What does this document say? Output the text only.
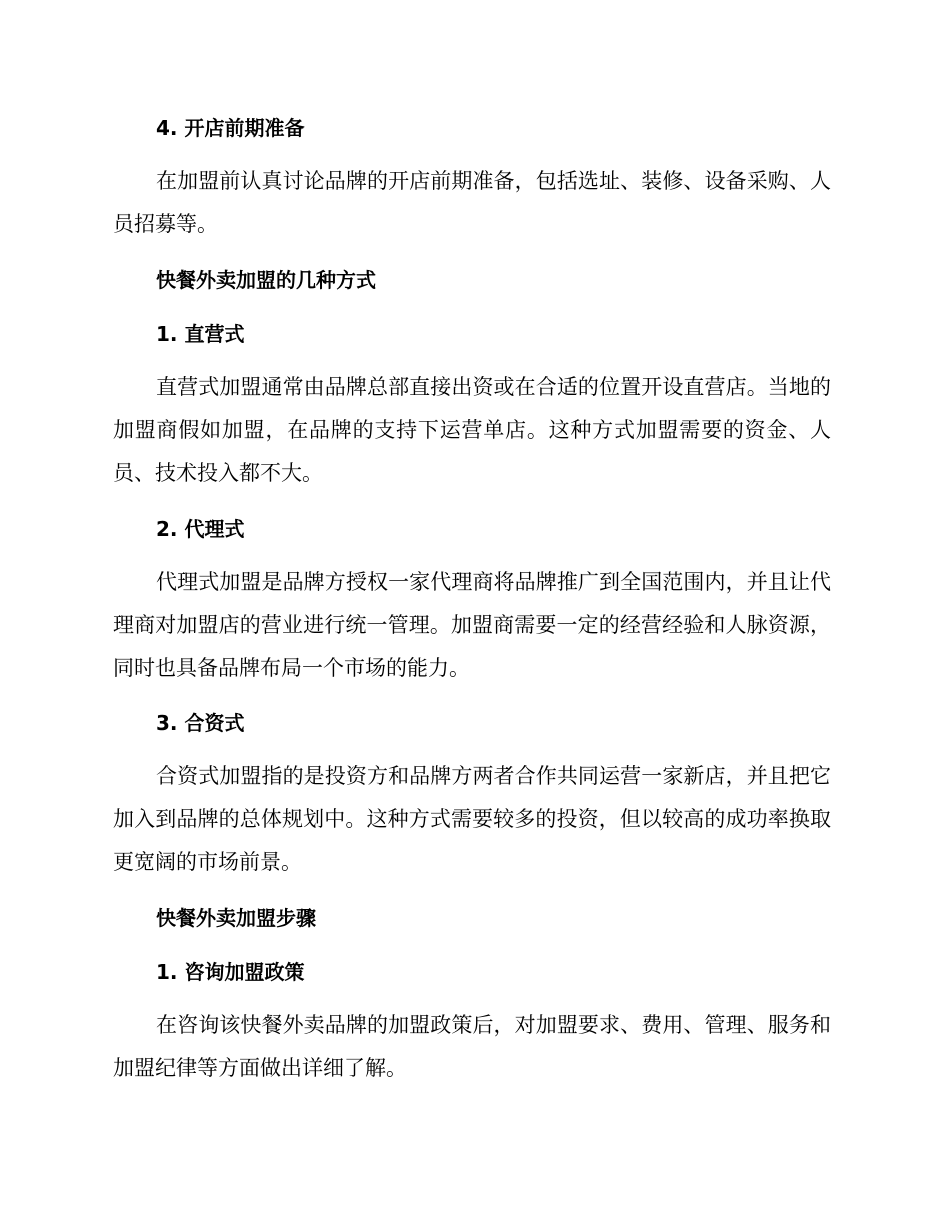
4. 开店前期准备

在加盟前认真讨论品牌的开店前期准备，包括选址、装修、设备采购、人员招募等。

快餐外卖加盟的几种方式
1. 直营式

直营式加盟通常由品牌总部直接出资或在合适的位置开设直营店。当地的加盟商假如加盟，在品牌的支持下运营单店。这种方式加盟需要的资金、人员、技术投入都不大。

2. 代理式

代理式加盟是品牌方授权一家代理商将品牌推广到全国范围内，并且让代理商对加盟店的营业进行统一管理。加盟商需要一定的经营经验和人脉资源，同时也具备品牌布局一个市场的能力。

3. 合资式

合资式加盟指的是投资方和品牌方两者合作共同运营一家新店，并且把它加入到品牌的总体规划中。这种方式需要较多的投资，但以较高的成功率换取更宽阔的市场前景。

快餐外卖加盟步骤
1. 咨询加盟政策

在咨询该快餐外卖品牌的加盟政策后，对加盟要求、费用、管理、服务和加盟纪律等方面做出详细了解。
